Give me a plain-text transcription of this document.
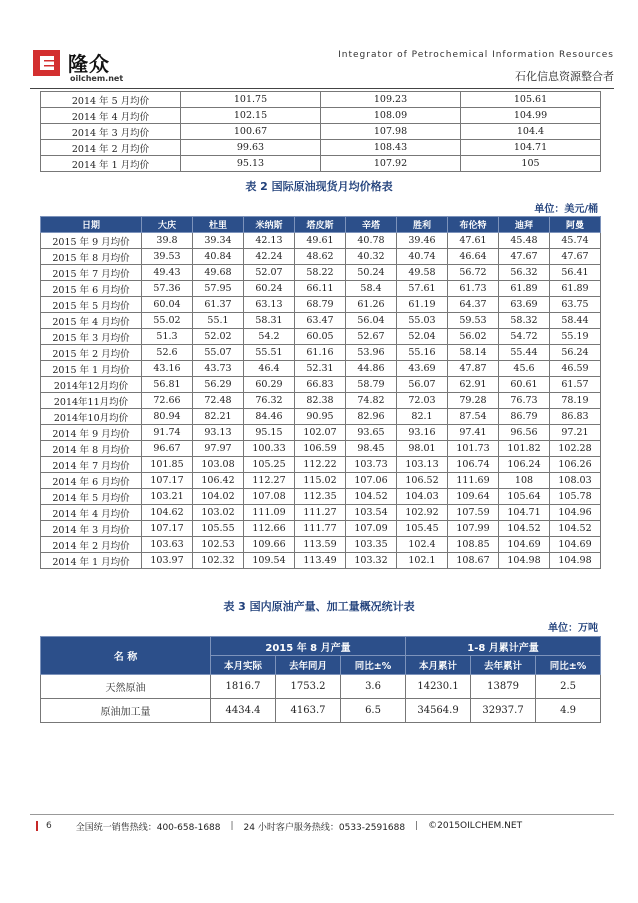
隆众
oilchem.net
Integrator of Petrochemical Information Resources
石化信息资源整合者
2014 年 5 月均价	101.75	109.23	105.61
2014 年 4 月均价	102.15	108.09	104.99
2014 年 3 月均价	100.67	107.98	104.4
2014 年 2 月均价	99.63	108.43	104.71
2014 年 1 月均价	95.13	107.92	105
表 2 国际原油现货月均价格表
单位：美元/桶
日期	大庆	杜里	米纳斯	塔皮斯	辛塔	胜利	布伦特	迪拜	阿曼
2015 年 9 月均价	39.8	39.34	42.13	49.61	40.78	39.46	47.61	45.48	45.74
2015 年 8 月均价	39.53	40.84	42.24	48.62	40.32	40.74	46.64	47.67	47.67
2015 年 7 月均价	49.43	49.68	52.07	58.22	50.24	49.58	56.72	56.32	56.41
2015 年 6 月均价	57.36	57.95	60.24	66.11	58.4	57.61	61.73	61.89	61.89
2015 年 5 月均价	60.04	61.37	63.13	68.79	61.26	61.19	64.37	63.69	63.75
2015 年 4 月均价	55.02	55.1	58.31	63.47	56.04	55.03	59.53	58.32	58.44
2015 年 3 月均价	51.3	52.02	54.2	60.05	52.67	52.04	56.02	54.72	55.19
2015 年 2 月均价	52.6	55.07	55.51	61.16	53.96	55.16	58.14	55.44	56.24
2015 年 1 月均价	43.16	43.73	46.4	52.31	44.86	43.69	47.87	45.6	46.59
2014年12月均价	56.81	56.29	60.29	66.83	58.79	56.07	62.91	60.61	61.57
2014年11月均价	72.66	72.48	76.32	82.38	74.82	72.03	79.28	76.73	78.19
2014年10月均价	80.94	82.21	84.46	90.95	82.96	82.1	87.54	86.79	86.83
2014 年 9 月均价	91.74	93.13	95.15	102.07	93.65	93.16	97.41	96.56	97.21
2014 年 8 月均价	96.67	97.97	100.33	106.59	98.45	98.01	101.73	101.82	102.28
2014 年 7 月均价	101.85	103.08	105.25	112.22	103.73	103.13	106.74	106.24	106.26
2014 年 6 月均价	107.17	106.42	112.27	115.02	107.06	106.52	111.69	108	108.03
2014 年 5 月均价	103.21	104.02	107.08	112.35	104.52	104.03	109.64	105.64	105.78
2014 年 4 月均价	104.62	103.02	111.09	111.27	103.54	102.92	107.59	104.71	104.96
2014 年 3 月均价	107.17	105.55	112.66	111.77	107.09	105.45	107.99	104.52	104.52
2014 年 2 月均价	103.63	102.53	109.66	113.59	103.35	102.4	108.85	104.69	104.69
2014 年 1 月均价	103.97	102.32	109.54	113.49	103.32	102.1	108.67	104.98	104.98
表 3 国内原油产量、加工量概况统计表
单位：万吨
名 称	2015 年 8 月产量			1-8 月累计产量		
	本月实际	去年同月	同比±%	本月累计	去年累计	同比±%
天然原油	1816.7	1753.2	3.6	14230.1	13879	2.5
原油加工量	4434.4	4163.7	6.5	34564.9	32937.7	4.9
6	全国统一销售热线：400-658-1688 | 24 小时客户服务热线：0533-2591688 | ©2015OILCHEM.NET
